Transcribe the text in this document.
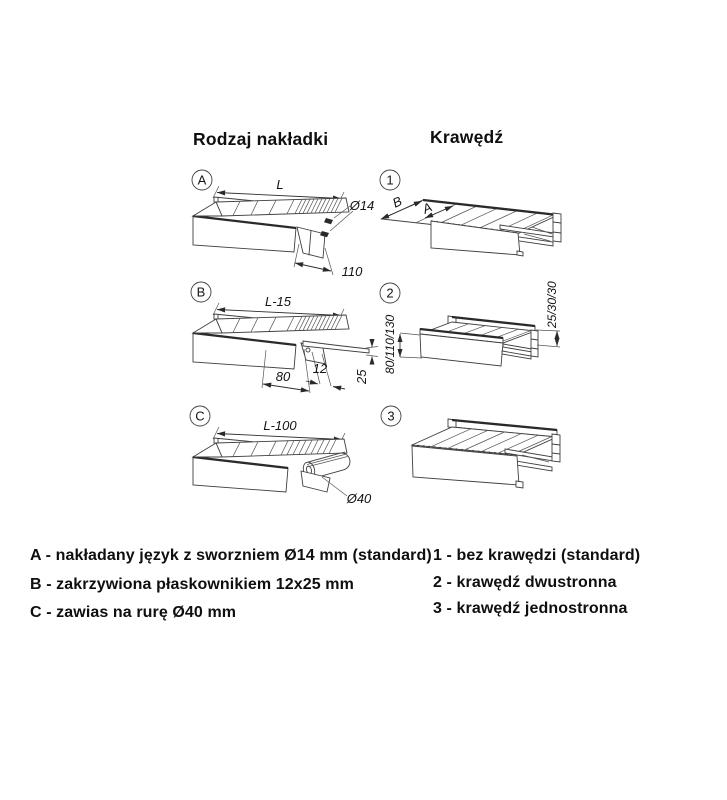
Rodzaj nakładki	Krawędź
A	L
Ø14
110
B
L-15
80
12
25
C
L-100
Ø40
1
B A
2
80/110/130
25/30/30
3
A - nakładany język z sworzniem Ø14 mm (standard)
B - zakrzywiona płaskownikiem 12x25 mm
C - zawias na rurę Ø40 mm
1 - bez krawędzi (standard)
2 - krawędź dwustronna
3 - krawędź jednostronna
